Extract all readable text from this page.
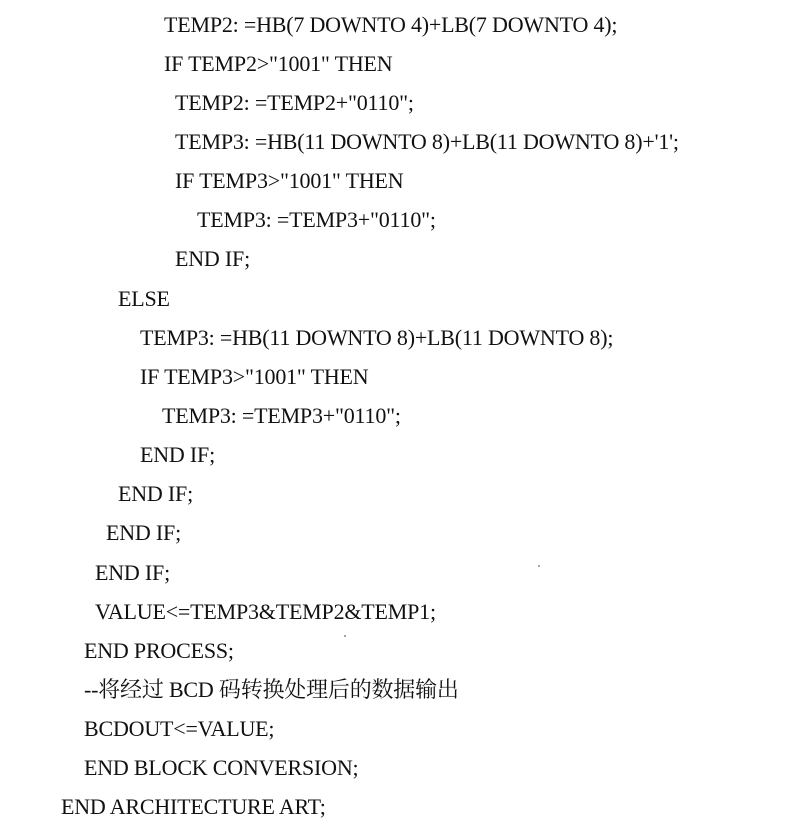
TEMP2: =HB(7 DOWNTO 4)+LB(7 DOWNTO 4);
IF TEMP2>"1001" THEN
TEMP2: =TEMP2+"0110";
TEMP3: =HB(11 DOWNTO 8)+LB(11 DOWNTO 8)+'1';
IF TEMP3>"1001" THEN
TEMP3: =TEMP3+"0110";
END IF;
ELSE
TEMP3: =HB(11 DOWNTO 8)+LB(11 DOWNTO 8);
IF TEMP3>"1001" THEN
TEMP3: =TEMP3+"0110";
END IF;
END IF;
END IF;
END IF;
VALUE<=TEMP3&TEMP2&TEMP1;
END PROCESS;
--将经过 BCD 码转换处理后的数据输出
BCDOUT<=VALUE;
END BLOCK CONVERSION;
END ARCHITECTURE ART;
